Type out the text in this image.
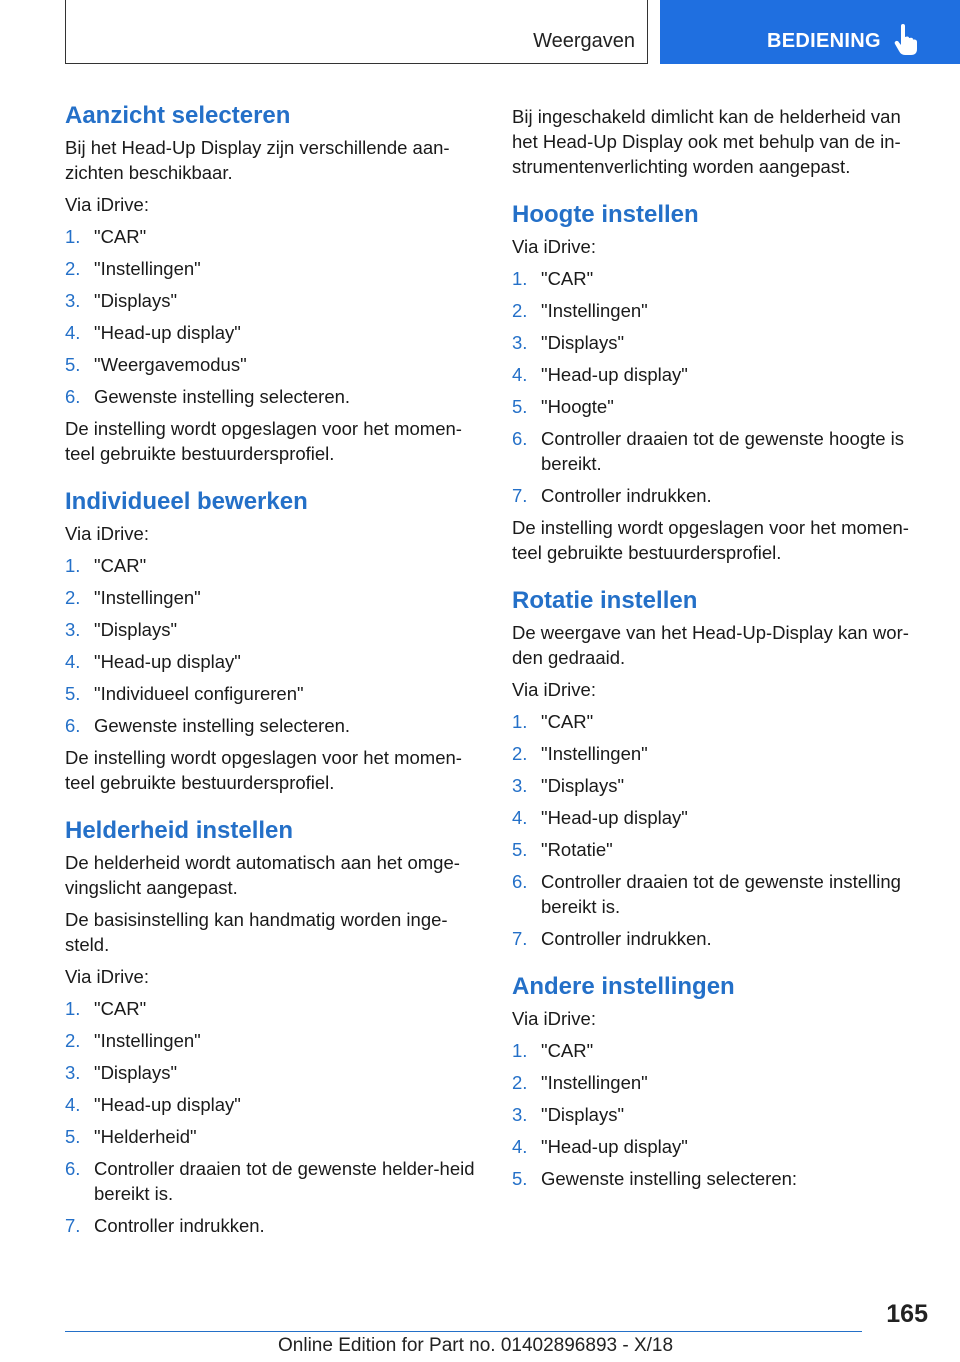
Weergaven	BEDIENING
Aanzicht selecteren

Bij het Head-Up Display zijn verschillende aan-zichten beschikbaar.

Via iDrive:

1. "CAR"
2. "Instellingen"
3. "Displays"
4. "Head-up display"
5. "Weergavemodus"
6. Gewenste instelling selecteren.

De instelling wordt opgeslagen voor het momen-teel gebruikte bestuurdersprofiel.

Individueel bewerken

Via iDrive:

1. "CAR"
2. "Instellingen"
3. "Displays"
4. "Head-up display"
5. "Individueel configureren"
6. Gewenste instelling selecteren.

De instelling wordt opgeslagen voor het momen-teel gebruikte bestuurdersprofiel.

Helderheid instellen

De helderheid wordt automatisch aan het omge-vingslicht aangepast.

De basisinstelling kan handmatig worden inge-steld.

Via iDrive:

1. "CAR"
2. "Instellingen"
3. "Displays"
4. "Head-up display"
5. "Helderheid"
6. Controller draaien tot de gewenste helder-heid bereikt is.
7. Controller indrukken.

Bij ingeschakeld dimlicht kan de helderheid van het Head-Up Display ook met behulp van de in-strumentenverlichting worden aangepast.

Hoogte instellen

Via iDrive:

1. "CAR"
2. "Instellingen"
3. "Displays"
4. "Head-up display"
5. "Hoogte"
6. Controller draaien tot de gewenste hoogte is bereikt.
7. Controller indrukken.

De instelling wordt opgeslagen voor het momen-teel gebruikte bestuurdersprofiel.

Rotatie instellen

De weergave van het Head-Up-Display kan wor-den gedraaid.

Via iDrive:

1. "CAR"
2. "Instellingen"
3. "Displays"
4. "Head-up display"
5. "Rotatie"
6. Controller draaien tot de gewenste instelling bereikt is.
7. Controller indrukken.
Andere instellingen

Via iDrive:

1. "CAR"
2. "Instellingen"
3. "Displays"
4. "Head-up display"
5. Gewenste instelling selecteren:
165
Online Edition for Part no. 01402896893 - X/18
